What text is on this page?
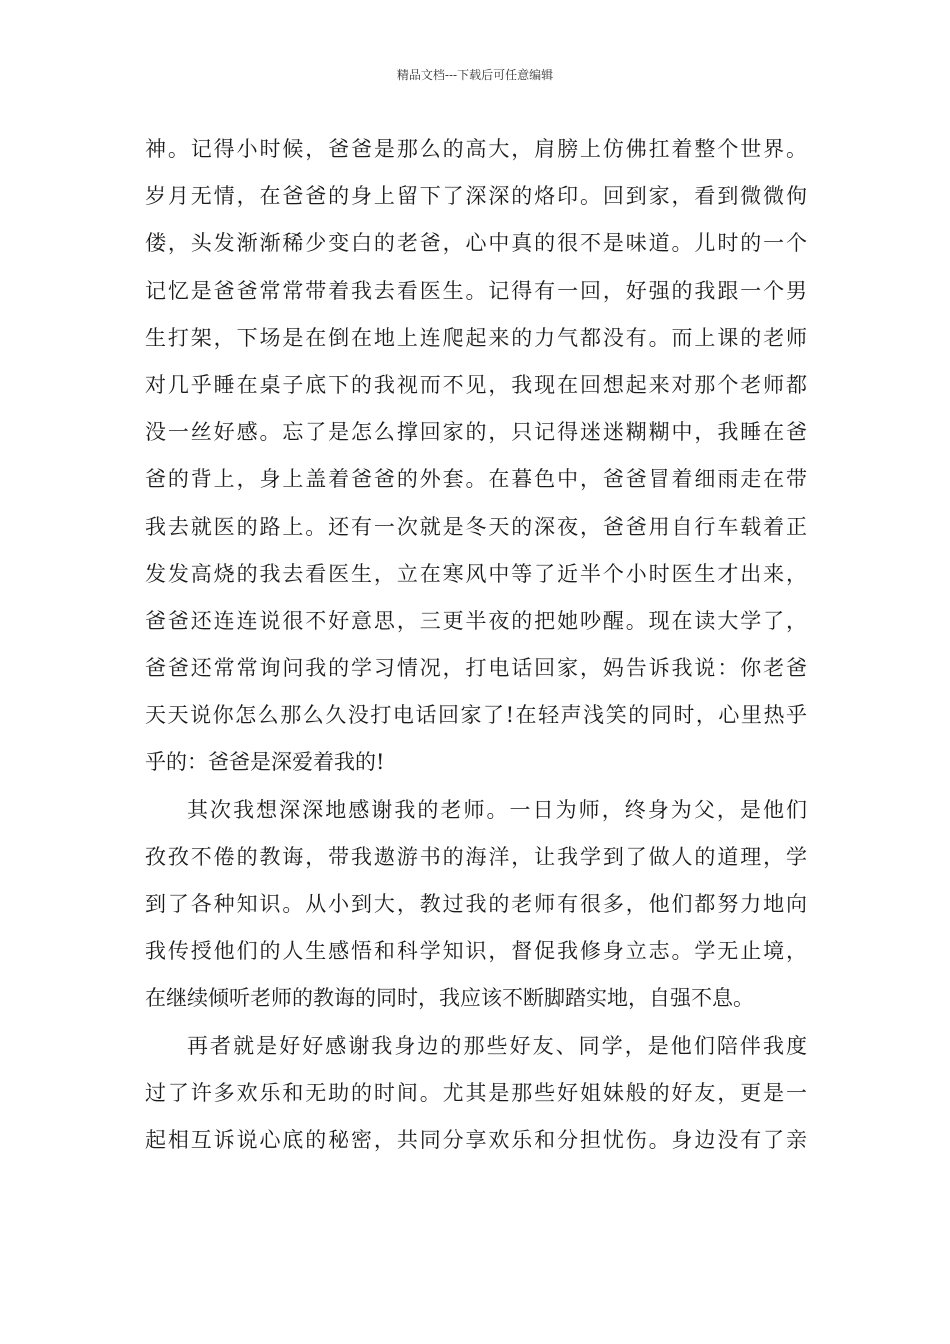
精品文档---下载后可任意编辑
神。记得小时候，爸爸是那么的高大，肩膀上仿佛扛着整个世界。
岁月无情，在爸爸的身上留下了深深的烙印。回到家，看到微微佝
偻，头发渐渐稀少变白的老爸，心中真的很不是味道。儿时的一个
记忆是爸爸常常带着我去看医生。记得有一回，好强的我跟一个男
生打架，下场是在倒在地上连爬起来的力气都没有。而上课的老师
对几乎睡在桌子底下的我视而不见，我现在回想起来对那个老师都
没一丝好感。忘了是怎么撑回家的，只记得迷迷糊糊中，我睡在爸
爸的背上，身上盖着爸爸的外套。在暮色中，爸爸冒着细雨走在带
我去就医的路上。还有一次就是冬天的深夜，爸爸用自行车载着正
发发高烧的我去看医生，立在寒风中等了近半个小时医生才出来，
爸爸还连连说很不好意思，三更半夜的把她吵醒。现在读大学了，
爸爸还常常询问我的学习情况，打电话回家，妈告诉我说：你老爸
天天说你怎么那么久没打电话回家了!在轻声浅笑的同时，心里热乎
乎的：爸爸是深爱着我的!
其次我想深深地感谢我的老师。一日为师，终身为父，是他们
孜孜不倦的教诲，带我遨游书的海洋，让我学到了做人的道理，学
到了各种知识。从小到大，教过我的老师有很多，他们都努力地向
我传授他们的人生感悟和科学知识，督促我修身立志。学无止境，
在继续倾听老师的教诲的同时，我应该不断脚踏实地，自强不息。
再者就是好好感谢我身边的那些好友、同学，是他们陪伴我度
过了许多欢乐和无助的时间。尤其是那些好姐妹般的好友，更是一
起相互诉说心底的秘密，共同分享欢乐和分担忧伤。身边没有了亲
